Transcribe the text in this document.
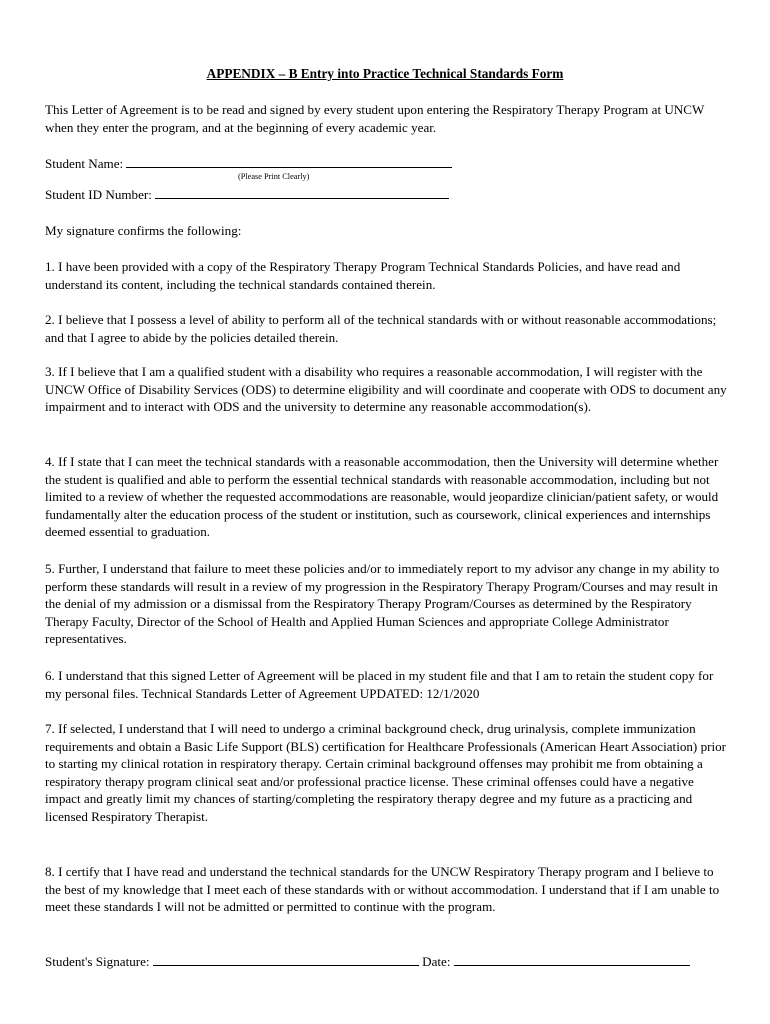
APPENDIX – B Entry into Practice Technical Standards Form

This Letter of Agreement is to be read and signed by every student upon entering the Respiratory Therapy Program at UNCW when they enter the program, and at the beginning of every academic year.

Student Name:
(Please Print Clearly)
Student ID Number:

My signature confirms the following:

1. I have been provided with a copy of the Respiratory Therapy Program Technical Standards Policies, and have read and understand its content, including the technical standards contained therein.

2. I believe that I possess a level of ability to perform all of the technical standards with or without reasonable accommodations; and that I agree to abide by the policies detailed therein.

3. If I believe that I am a qualified student with a disability who requires a reasonable accommodation, I will register with the UNCW Office of Disability Services (ODS) to determine eligibility and will coordinate and cooperate with ODS to document any impairment and to interact with ODS and the university to determine any reasonable accommodation(s).

4. If I state that I can meet the technical standards with a reasonable accommodation, then the University will determine whether the student is qualified and able to perform the essential technical standards with reasonable accommodation, including but not limited to a review of whether the requested accommodations are reasonable, would jeopardize clinician/patient safety, or would fundamentally alter the education process of the student or institution, such as coursework, clinical experiences and internships deemed essential to graduation.

5. Further, I understand that failure to meet these policies and/or to immediately report to my advisor any change in my ability to perform these standards will result in a review of my progression in the Respiratory Therapy Program/Courses and may result in the denial of my admission or a dismissal from the Respiratory Therapy Program/Courses as determined by the Respiratory Therapy Faculty, Director of the School of Health and Applied Human Sciences and appropriate College Administrator representatives.

6. I understand that this signed Letter of Agreement will be placed in my student file and that I am to retain the student copy for my personal files. Technical Standards Letter of Agreement UPDATED: 12/1/2020

7. If selected, I understand that I will need to undergo a criminal background check, drug urinalysis, complete immunization requirements and obtain a Basic Life Support (BLS) certification for Healthcare Professionals (American Heart Association) prior to starting my clinical rotation in respiratory therapy. Certain criminal background offenses may prohibit me from obtaining a respiratory therapy program clinical seat and/or professional practice license. These criminal offenses could have a negative impact and greatly limit my chances of starting/completing the respiratory therapy degree and my future as a practicing and licensed Respiratory Therapist.

8. I certify that I have read and understand the technical standards for the UNCW Respiratory Therapy program and I believe to the best of my knowledge that I meet each of these standards with or without accommodation. I understand that if I am unable to meet these standards I will not be admitted or permitted to continue with the program.

Student's Signature:	Date:
